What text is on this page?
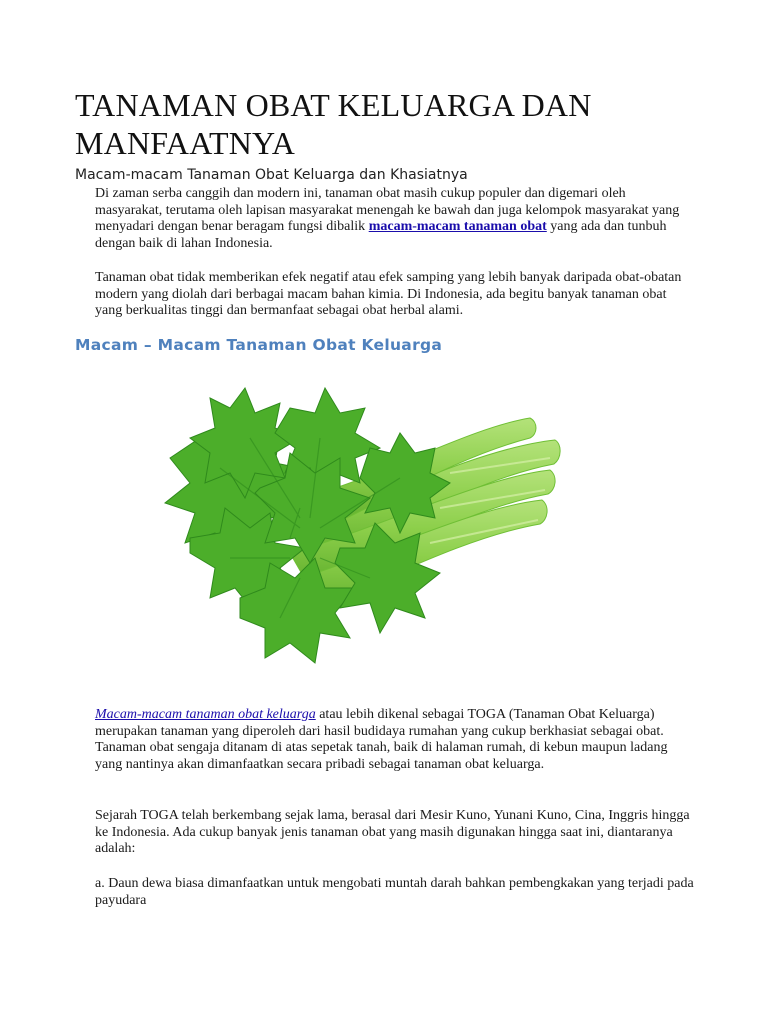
TANAMAN OBAT KELUARGA DAN MANFAATNYA

Macam-macam Tanaman Obat Keluarga dan Khasiatnya

Di zaman serba canggih dan modern ini, tanaman obat masih cukup populer dan digemari oleh masyarakat, terutama oleh lapisan masyarakat menengah ke bawah dan juga kelompok masyarakat yang menyadari dengan benar beragam fungsi dibalik macam-macam tanaman obat yang ada dan tunbuh dengan baik di lahan Indonesia.

Tanaman obat tidak memberikan efek negatif atau efek samping yang lebih banyak daripada obat-obatan modern yang diolah dari berbagai macam bahan kimia. Di Indonesia, ada begitu banyak tanaman obat yang berkualitas tinggi dan bermanfaat sebagai obat herbal alami.

Macam – Macam Tanaman Obat Keluarga

Macam-macam tanaman obat keluarga atau lebih dikenal sebagai TOGA (Tanaman Obat Keluarga) merupakan tanaman yang diperoleh dari hasil budidaya rumahan yang cukup berkhasiat sebagai obat. Tanaman obat sengaja ditanam di atas sepetak tanah, baik di halaman rumah, di kebun maupun ladang yang nantinya akan dimanfaatkan secara pribadi sebagai tanaman obat keluarga.

Sejarah TOGA telah berkembang sejak lama, berasal dari Mesir Kuno, Yunani Kuno, Cina, Inggris hingga ke Indonesia. Ada cukup banyak jenis tanaman obat yang masih digunakan hingga saat ini, diantaranya adalah:

a. Daun dewa biasa dimanfaatkan untuk mengobati muntah darah bahkan pembengkakan yang terjadi pada payudara
